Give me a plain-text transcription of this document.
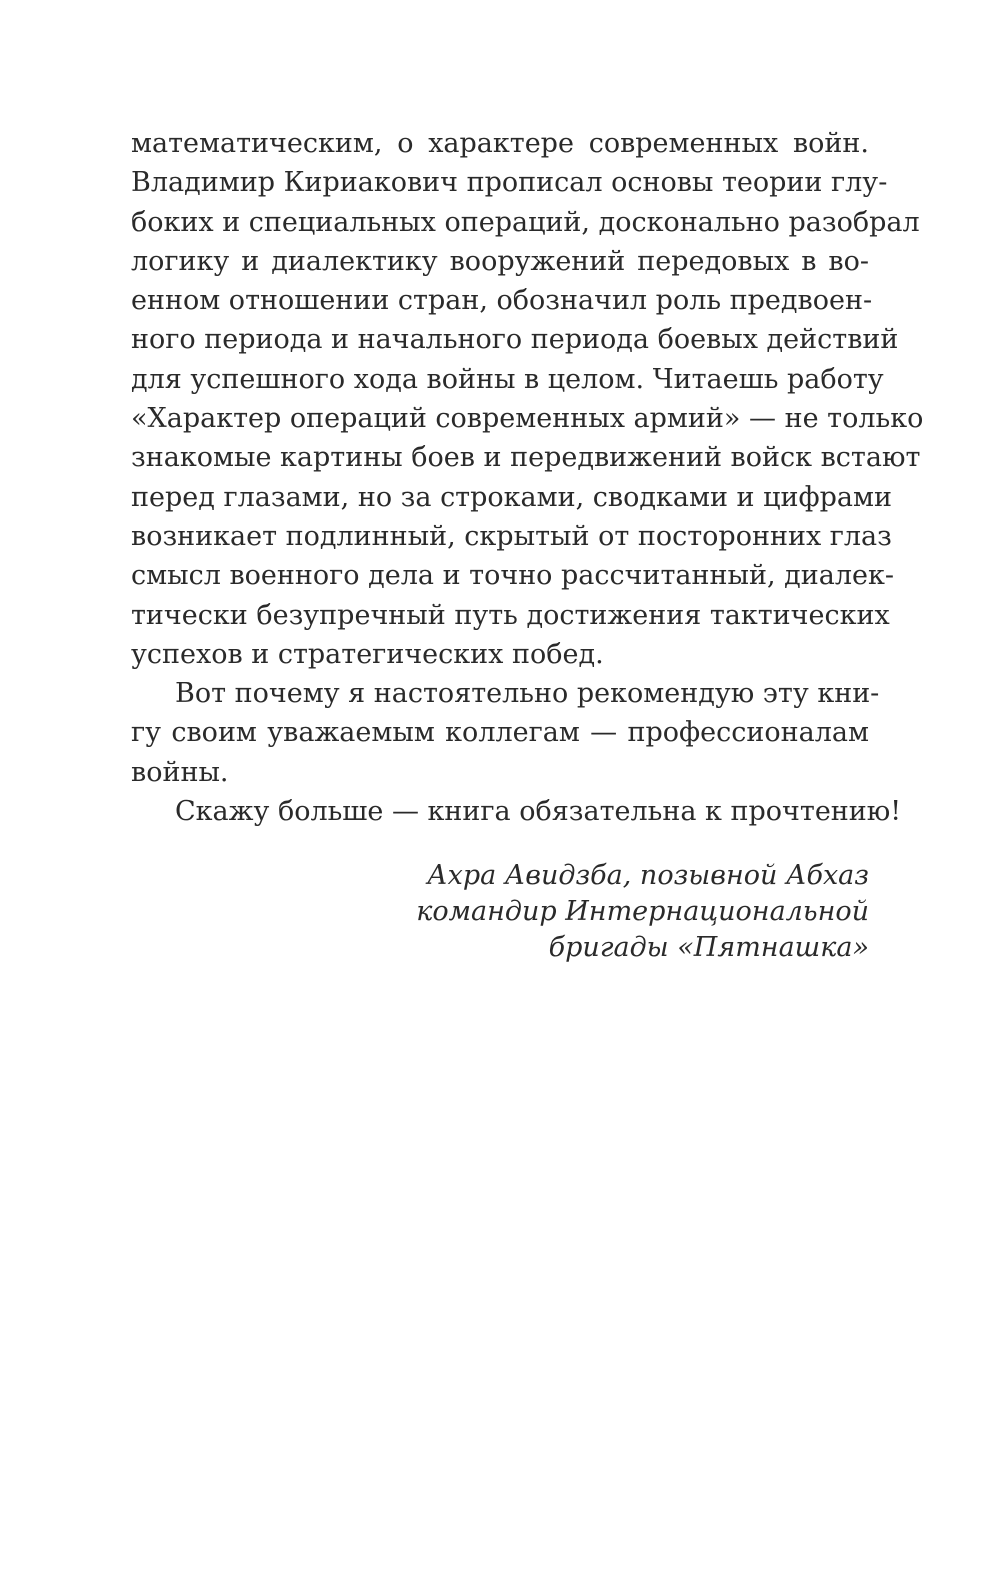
математическим, о характере современных войн.
Владимир Кириакович прописал основы теории глу-
боких и специальных операций, досконально разобрал
логику и диалектику вооружений передовых в во-
енном отношении стран, обозначил роль предвоен-
ного периода и начального периода боевых действий
для успешного хода войны в целом. Читаешь работу
«Характер операций современных армий» — не только
знакомые картины боев и передвижений войск встают
перед глазами, но за строками, сводками и цифрами
возникает подлинный, скрытый от посторонних глаз
смысл военного дела и точно рассчитанный, диалек-
тически безупречный путь достижения тактических
успехов и стратегических побед.
Вот почему я настоятельно рекомендую эту кни-
гу своим уважаемым коллегам — профессионалам
войны.
Скажу больше — книга обязательна к прочтению!
Ахра Авидзба, позывной Абхаз
командир Интернациональной
бригады «Пятнашка»
